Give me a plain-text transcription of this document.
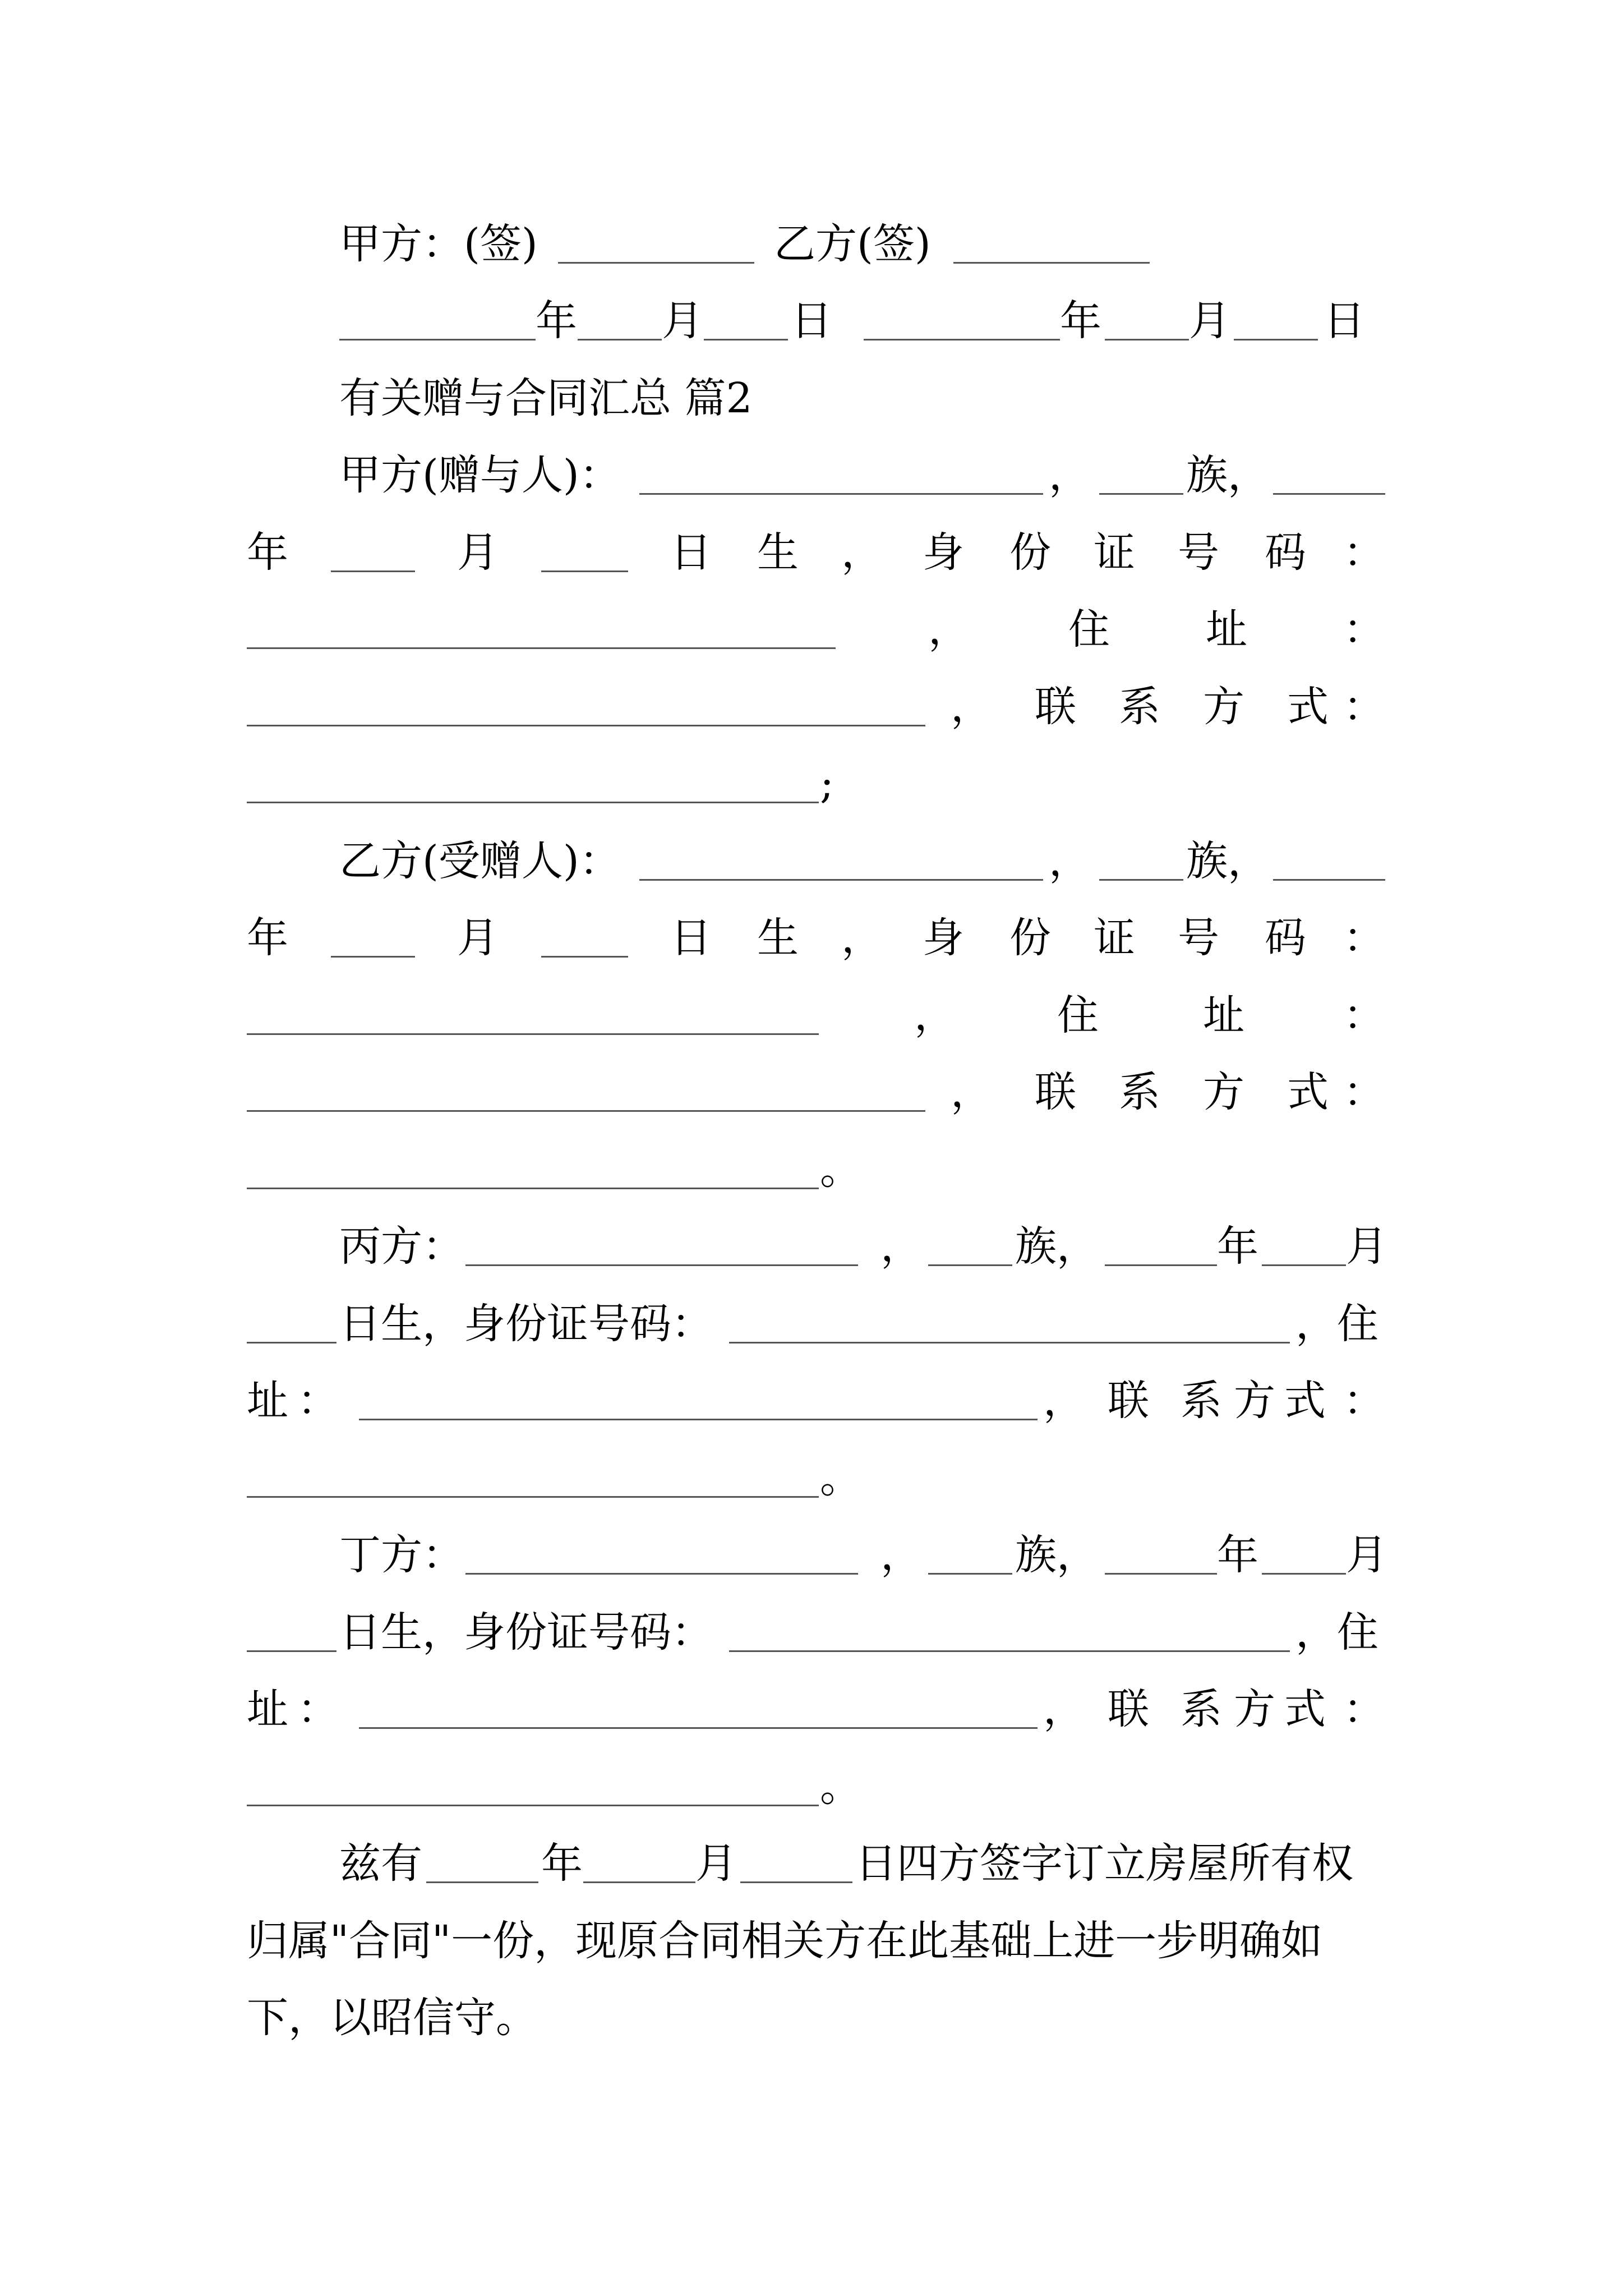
甲方：(签)

	乙方(签)

年

月

日

	年

月

日

有关赠与合同汇总 篇2

甲方(赠与人)：

	，

族，

年

	月

	日

生

，

身

份

证

号

码

：

，

住

址

：

，

联

系

方

式

：

;

乙方(受赠人)：

	，

族，

年

	月

	日

生

，

身

份

证

号

码

：

，

住

	址

：

，

联

系

方

式

：

。

丙方：

	，

族，

	年

月

日生，身份证号码：

	，住

址

：

	，

联

系

方

式

：

。

丁方：

	，

族，

	年

月

日生，身份证号码：

	，住

址

：

	，

联

系

方

式

：

。

兹有

	年

	月

	日四方签字订立房屋所有权

归属"合同"一份，现原合同相关方在此基础上进一步明确如

下，以昭信守。
